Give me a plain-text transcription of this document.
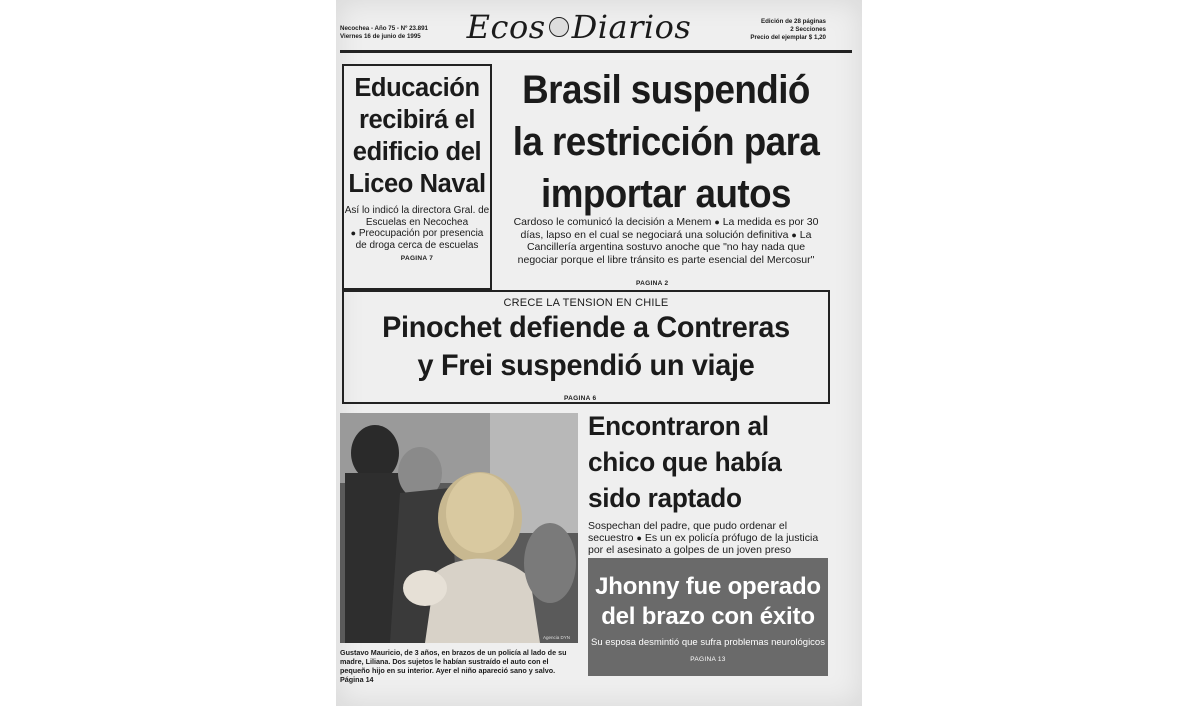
Necochea - Año 75 - Nº 23.891
Viernes 16 de junio de 1995	Ecos Diarios	Edición de 28 páginas
2 Secciones
Precio del ejemplar $ 1,20
Educación recibirá el edificio del Liceo Naval
Así lo indicó la directora Gral. de Escuelas en Necochea
● Preocupación por presencia de droga cerca de escuelas
PAGINA 7
Brasil suspendió
la restricción para
importar autos
Cardoso le comunicó la decisión a Menem ● La medida es por 30 días, lapso en el cual se negociará una solución definitiva ● La Cancillería argentina sostuvo anoche que "no hay nada que negociar porque el libre tránsito es parte esencial del Mercosur"
PAGINA 2
CRECE LA TENSION EN CHILE
Pinochet defiende a Contreras
y Frei suspendió un viaje
PAGINA 6
Agencia DYN
Gustavo Mauricio, de 3 años, en brazos de un policía al lado de su madre, Liliana. Dos sujetos le habían sustraído el auto con el pequeño hijo en su interior. Ayer el niño apareció sano y salvo. Página 14
Encontraron al
chico que había
sido raptado
Sospechan del padre, que pudo ordenar el secuestro ● Es un ex policía prófugo de la justicia por el asesinato a golpes de un joven preso
Jhonny fue operado
del brazo con éxito
Su esposa desmintió que sufra problemas neurológicos
PAGINA 13
